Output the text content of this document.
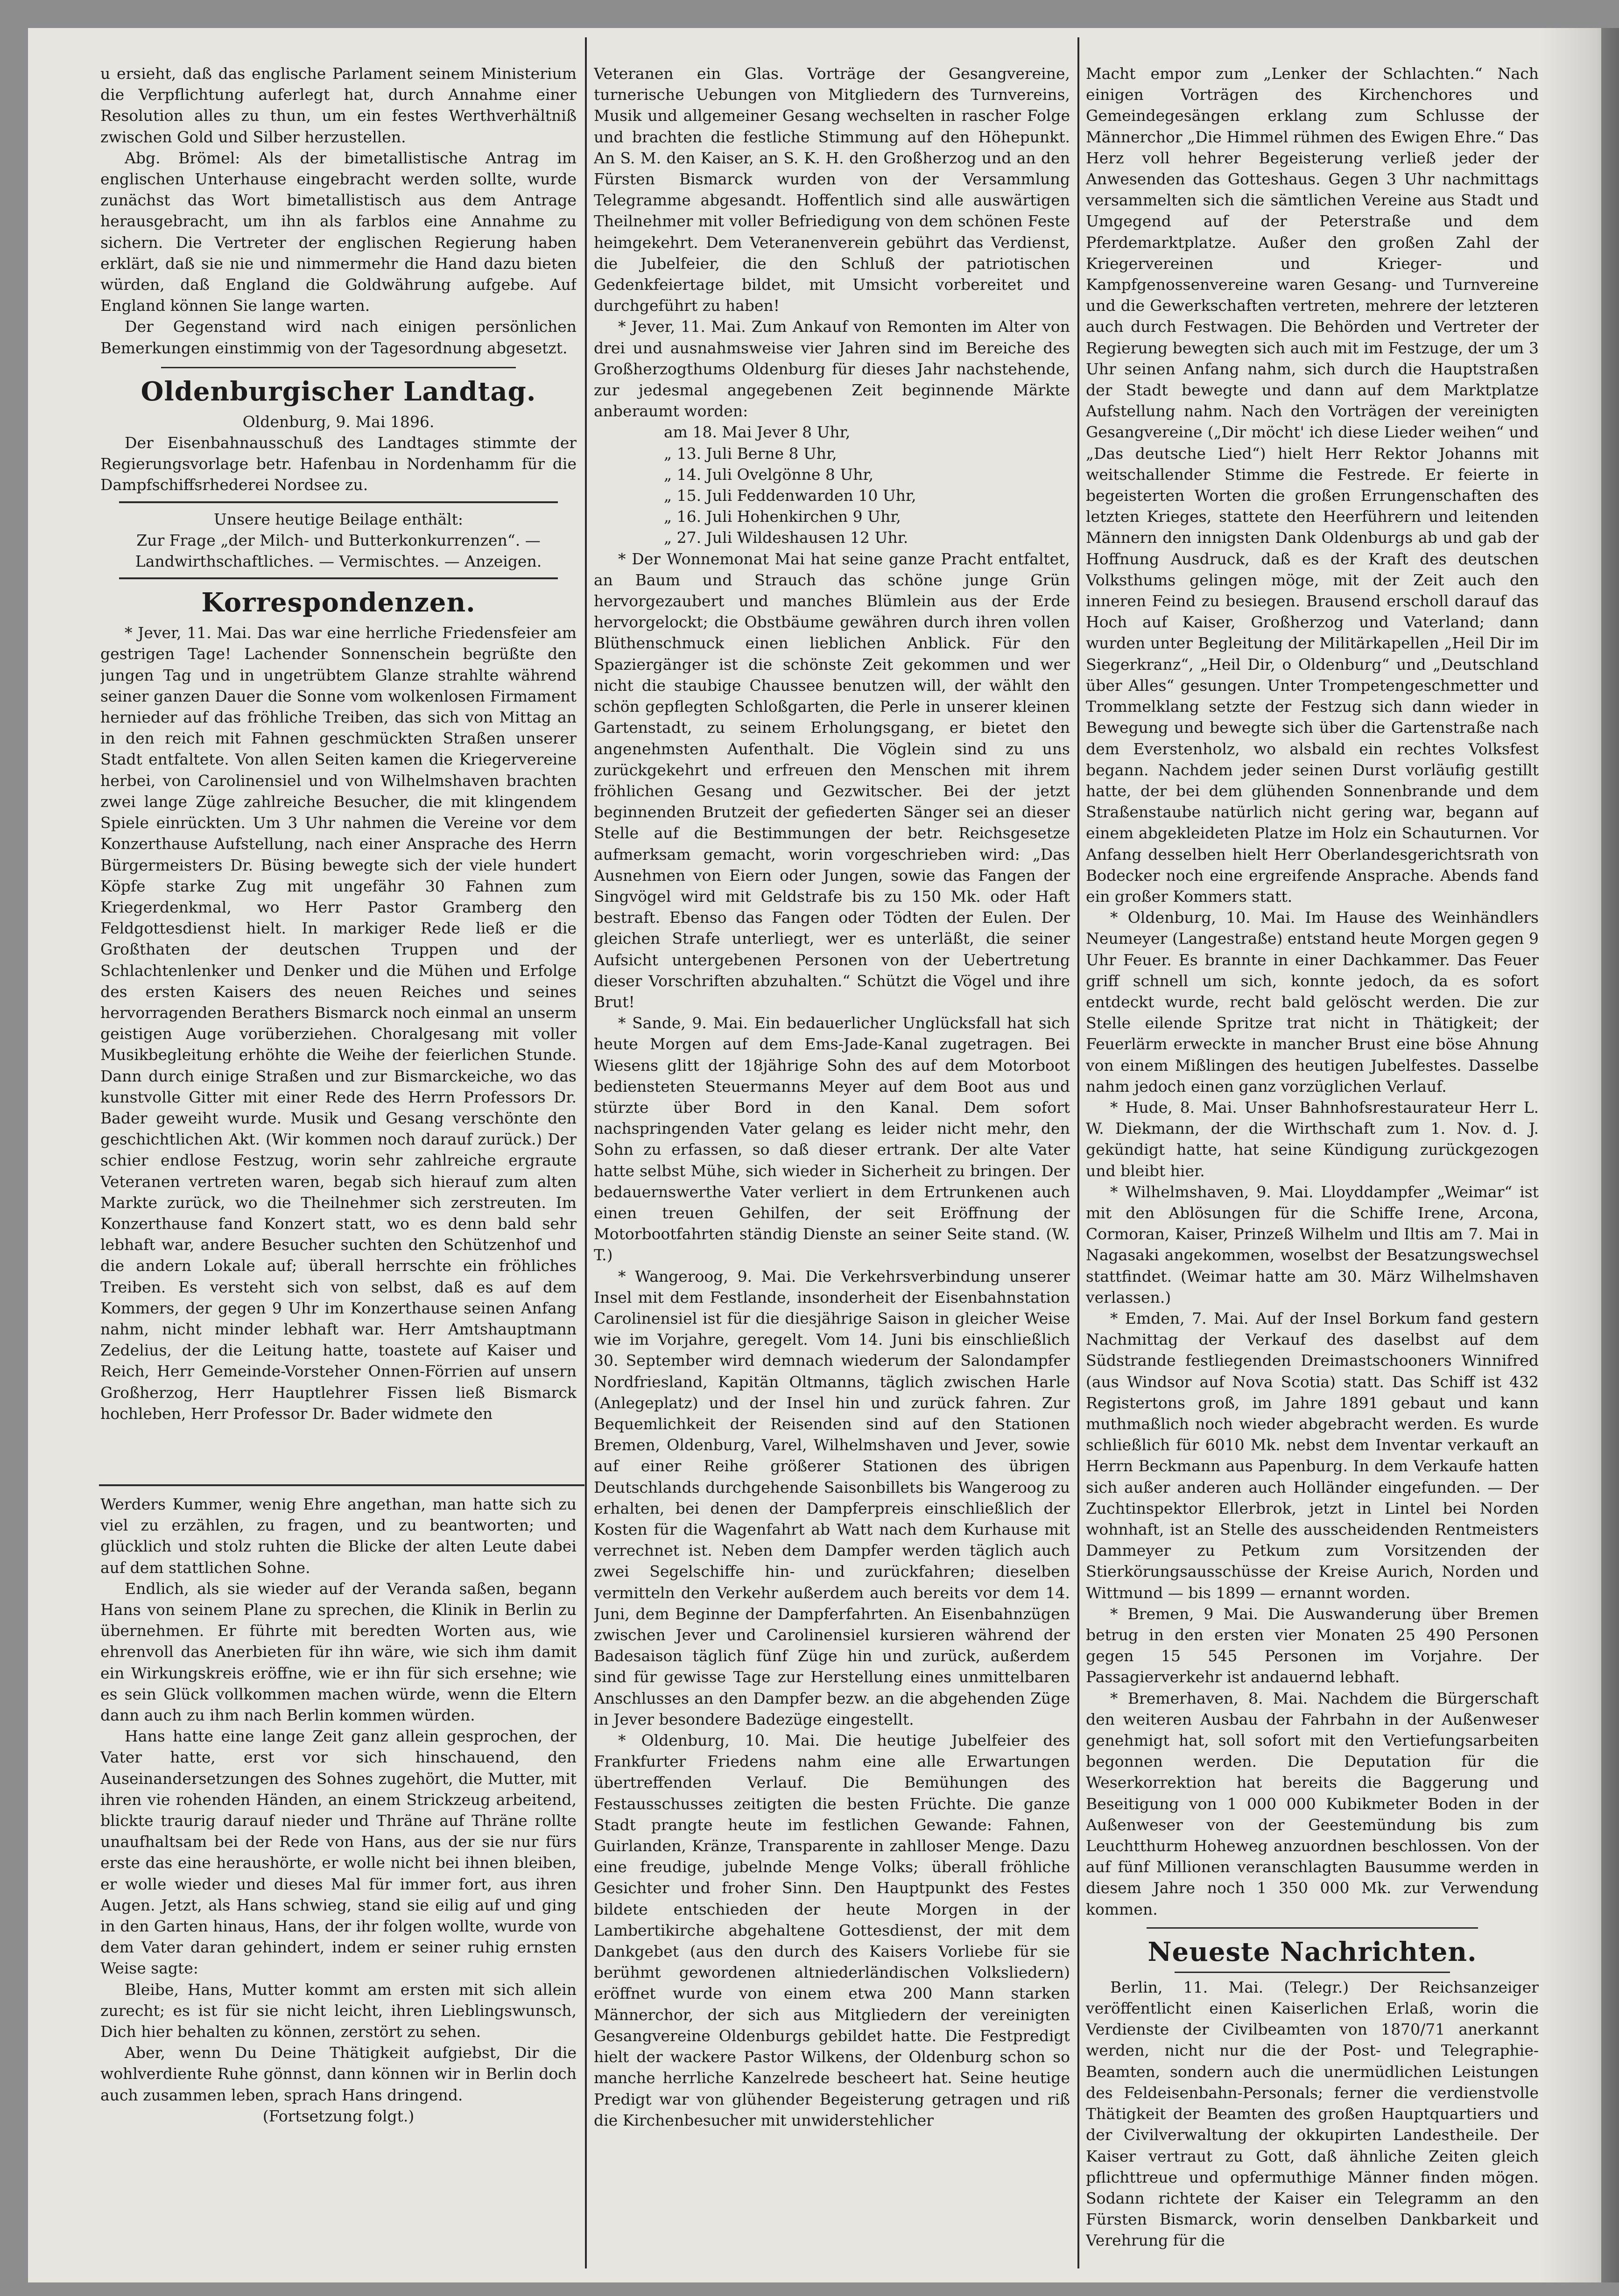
u ersieht, daß das englische Parlament seinem Ministerium die Verpflichtung auferlegt hat, durch Annahme einer Resolution alles zu thun, um ein festes Werthverhältniß zwischen Gold und Silber herzustellen.

Abg. Brömel: Als der bimetallistische Antrag im englischen Unterhause eingebracht werden sollte, wurde zunächst das Wort bimetallistisch aus dem Antrage herausgebracht, um ihn als farblos eine Annahme zu sichern. Die Vertreter der englischen Regierung haben erklärt, daß sie nie und nimmermehr die Hand dazu bieten würden, daß England die Goldwährung aufgebe. Auf England können Sie lange warten.

Der Gegenstand wird nach einigen persönlichen Bemerkungen einstimmig von der Tagesordnung abgesetzt.

Oldenburgischer Landtag.
Oldenburg, 9. Mai 1896.

Der Eisenbahnausschuß des Landtages stimmte der Regierungsvorlage betr. Hafenbau in Nordenhamm für die Dampfschiffsrhederei Nordsee zu.

Unsere heutige Beilage enthält:
Zur Frage „der Milch- und Butterkonkurrenzen“. — Landwirthschaftliches. — Vermischtes. — Anzeigen.
Korrespondenzen.

* Jever, 11. Mai. Das war eine herrliche Friedensfeier am gestrigen Tage! Lachender Sonnenschein begrüßte den jungen Tag und in ungetrübtem Glanze strahlte während seiner ganzen Dauer die Sonne vom wolkenlosen Firmament hernieder auf das fröhliche Treiben, das sich von Mittag an in den reich mit Fahnen geschmückten Straßen unserer Stadt entfaltete. Von allen Seiten kamen die Kriegervereine herbei, von Carolinensiel und von Wilhelmshaven brachten zwei lange Züge zahlreiche Besucher, die mit klingendem Spiele einrückten. Um 3 Uhr nahmen die Vereine vor dem Konzerthause Aufstellung, nach einer Ansprache des Herrn Bürgermeisters Dr. Büsing bewegte sich der viele hundert Köpfe starke Zug mit ungefähr 30 Fahnen zum Kriegerdenkmal, wo Herr Pastor Gramberg den Feldgottesdienst hielt. In markiger Rede ließ er die Großthaten der deutschen Truppen und der Schlachtenlenker und Denker und die Mühen und Erfolge des ersten Kaisers des neuen Reiches und seines hervorragenden Berathers Bismarck noch einmal an unserm geistigen Auge vorüberziehen. Choralgesang mit voller Musikbegleitung erhöhte die Weihe der feierlichen Stunde. Dann durch einige Straßen und zur Bismarckeiche, wo das kunstvolle Gitter mit einer Rede des Herrn Professors Dr. Bader geweiht wurde. Musik und Gesang verschönte den geschichtlichen Akt. (Wir kommen noch darauf zurück.) Der schier endlose Festzug, worin sehr zahlreiche ergraute Veteranen vertreten waren, begab sich hierauf zum alten Markte zurück, wo die Theilnehmer sich zerstreuten. Im Konzerthause fand Konzert statt, wo es denn bald sehr lebhaft war, andere Besucher suchten den Schützenhof und die andern Lokale auf; überall herrschte ein fröhliches Treiben. Es versteht sich von selbst, daß es auf dem Kommers, der gegen 9 Uhr im Konzerthause seinen Anfang nahm, nicht minder lebhaft war. Herr Amtshauptmann Zedelius, der die Leitung hatte, toastete auf Kaiser und Reich, Herr Gemeinde-Vorsteher Onnen-Förrien auf unsern Großherzog, Herr Hauptlehrer Fissen ließ Bismarck hochleben, Herr Professor Dr. Bader widmete den

Werders Kummer, wenig Ehre angethan, man hatte sich zu viel zu erzählen, zu fragen, und zu beantworten; und glücklich und stolz ruhten die Blicke der alten Leute dabei auf dem stattlichen Sohne.

Endlich, als sie wieder auf der Veranda saßen, begann Hans von seinem Plane zu sprechen, die Klinik in Berlin zu übernehmen. Er führte mit beredten Worten aus, wie ehrenvoll das Anerbieten für ihn wäre, wie sich ihm damit ein Wirkungskreis eröffne, wie er ihn für sich ersehne; wie es sein Glück vollkommen machen würde, wenn die Eltern dann auch zu ihm nach Berlin kommen würden.

Hans hatte eine lange Zeit ganz allein gesprochen, der Vater hatte, erst vor sich hinschauend, den Auseinandersetzungen des Sohnes zugehört, die Mutter, mit ihren vie rohenden Händen, an einem Strickzeug arbeitend, blickte traurig darauf nieder und Thräne auf Thräne rollte unaufhaltsam bei der Rede von Hans, aus der sie nur fürs erste das eine heraushörte, er wolle nicht bei ihnen bleiben, er wolle wieder und dieses Mal für immer fort, aus ihren Augen. Jetzt, als Hans schwieg, stand sie eilig auf und ging in den Garten hinaus, Hans, der ihr folgen wollte, wurde von dem Vater daran gehindert, indem er seiner ruhig ernsten Weise sagte:

Bleibe, Hans, Mutter kommt am ersten mit sich allein zurecht; es ist für sie nicht leicht, ihren Lieblingswunsch, Dich hier behalten zu können, zerstört zu sehen.

Aber, wenn Du Deine Thätigkeit aufgiebst, Dir die wohlverdiente Ruhe gönnst, dann können wir in Berlin doch auch zusammen leben, sprach Hans dringend.

(Fortsetzung folgt.)

Veteranen ein Glas. Vorträge der Gesangvereine, turnerische Uebungen von Mitgliedern des Turnvereins, Musik und allgemeiner Gesang wechselten in rascher Folge und brachten die festliche Stimmung auf den Höhepunkt. An S. M. den Kaiser, an S. K. H. den Großherzog und an den Fürsten Bismarck wurden von der Versammlung Telegramme abgesandt. Hoffentlich sind alle auswärtigen Theilnehmer mit voller Befriedigung von dem schönen Feste heimgekehrt. Dem Veteranenverein gebührt das Verdienst, die Jubelfeier, die den Schluß der patriotischen Gedenkfeiertage bildet, mit Umsicht vorbereitet und durchgeführt zu haben!

* Jever, 11. Mai. Zum Ankauf von Remonten im Alter von drei und ausnahmsweise vier Jahren sind im Bereiche des Großherzogthums Oldenburg für dieses Jahr nachstehende, zur jedesmal angegebenen Zeit beginnende Märkte anberaumt worden:

am 18. Mai Jever 8 Uhr,
„ 13. Juli Berne 8 Uhr,
„ 14. Juli Ovelgönne 8 Uhr,
„ 15. Juli Feddenwarden 10 Uhr,
„ 16. Juli Hohenkirchen 9 Uhr,
„ 27. Juli Wildeshausen 12 Uhr.

* Der Wonnemonat Mai hat seine ganze Pracht entfaltet, an Baum und Strauch das schöne junge Grün hervorgezaubert und manches Blümlein aus der Erde hervorgelockt; die Obstbäume gewähren durch ihren vollen Blüthenschmuck einen lieblichen Anblick. Für den Spaziergänger ist die schönste Zeit gekommen und wer nicht die staubige Chaussee benutzen will, der wählt den schön gepflegten Schloßgarten, die Perle in unserer kleinen Gartenstadt, zu seinem Erholungsgang, er bietet den angenehmsten Aufenthalt. Die Vöglein sind zu uns zurückgekehrt und erfreuen den Menschen mit ihrem fröhlichen Gesang und Gezwitscher. Bei der jetzt beginnenden Brutzeit der gefiederten Sänger sei an dieser Stelle auf die Bestimmungen der betr. Reichsgesetze aufmerksam gemacht, worin vorgeschrieben wird: „Das Ausnehmen von Eiern oder Jungen, sowie das Fangen der Singvögel wird mit Geldstrafe bis zu 150 Mk. oder Haft bestraft. Ebenso das Fangen oder Tödten der Eulen. Der gleichen Strafe unterliegt, wer es unterläßt, die seiner Aufsicht untergebenen Personen von der Uebertretung dieser Vorschriften abzuhalten.“ Schützt die Vögel und ihre Brut!

* Sande, 9. Mai. Ein bedauerlicher Unglücksfall hat sich heute Morgen auf dem Ems-Jade-Kanal zugetragen. Bei Wiesens glitt der 18jährige Sohn des auf dem Motorboot bediensteten Steuermanns Meyer auf dem Boot aus und stürzte über Bord in den Kanal. Dem sofort nachspringenden Vater gelang es leider nicht mehr, den Sohn zu erfassen, so daß dieser ertrank. Der alte Vater hatte selbst Mühe, sich wieder in Sicherheit zu bringen. Der bedauernswerthe Vater verliert in dem Ertrunkenen auch einen treuen Gehilfen, der seit Eröffnung der Motorbootfahrten ständig Dienste an seiner Seite stand. (W. T.)

* Wangeroog, 9. Mai. Die Verkehrsverbindung unserer Insel mit dem Festlande, insonderheit der Eisenbahnstation Carolinensiel ist für die diesjährige Saison in gleicher Weise wie im Vorjahre, geregelt. Vom 14. Juni bis einschließlich 30. September wird demnach wiederum der Salondampfer Nordfriesland, Kapitän Oltmanns, täglich zwischen Harle (Anlegeplatz) und der Insel hin und zurück fahren. Zur Bequemlichkeit der Reisenden sind auf den Stationen Bremen, Oldenburg, Varel, Wilhelmshaven und Jever, sowie auf einer Reihe größerer Stationen des übrigen Deutschlands durchgehende Saisonbillets bis Wangeroog zu erhalten, bei denen der Dampferpreis einschließlich der Kosten für die Wagenfahrt ab Watt nach dem Kurhause mit verrechnet ist. Neben dem Dampfer werden täglich auch zwei Segelschiffe hin- und zurückfahren; dieselben vermitteln den Verkehr außerdem auch bereits vor dem 14. Juni, dem Beginne der Dampferfahrten. An Eisenbahnzügen zwischen Jever und Carolinensiel kursieren während der Badesaison täglich fünf Züge hin und zurück, außerdem sind für gewisse Tage zur Herstellung eines unmittelbaren Anschlusses an den Dampfer bezw. an die abgehenden Züge in Jever besondere Badezüge eingestellt.

* Oldenburg, 10. Mai. Die heutige Jubelfeier des Frankfurter Friedens nahm eine alle Erwartungen übertreffenden Verlauf. Die Bemühungen des Festausschusses zeitigten die besten Früchte. Die ganze Stadt prangte heute im festlichen Gewande: Fahnen, Guirlanden, Kränze, Transparente in zahlloser Menge. Dazu eine freudige, jubelnde Menge Volks; überall fröhliche Gesichter und froher Sinn. Den Hauptpunkt des Festes bildete entschieden der heute Morgen in der Lambertikirche abgehaltene Gottesdienst, der mit dem Dankgebet (aus den durch des Kaisers Vorliebe für sie berühmt gewordenen altniederländischen Volksliedern) eröffnet wurde von einem etwa 200 Mann starken Männerchor, der sich aus Mitgliedern der vereinigten Gesangvereine Oldenburgs gebildet hatte. Die Festpredigt hielt der wackere Pastor Wilkens, der Oldenburg schon so manche herrliche Kanzelrede bescheert hat. Seine heutige Predigt war von glühender Begeisterung getragen und riß die Kirchenbesucher mit unwiderstehlicher

Macht empor zum „Lenker der Schlachten.“ Nach einigen Vorträgen des Kirchenchores und Gemeindegesängen erklang zum Schlusse der Männerchor „Die Himmel rühmen des Ewigen Ehre.“ Das Herz voll hehrer Begeisterung verließ jeder der Anwesenden das Gotteshaus. Gegen 3 Uhr nachmittags versammelten sich die sämtlichen Vereine aus Stadt und Umgegend auf der Peterstraße und dem Pferdemarktplatze. Außer den großen Zahl der Kriegervereinen und Krieger- und Kampfgenossenvereine waren Gesang- und Turnvereine und die Gewerkschaften vertreten, mehrere der letzteren auch durch Festwagen. Die Behörden und Vertreter der Regierung bewegten sich auch mit im Festzuge, der um 3 Uhr seinen Anfang nahm, sich durch die Hauptstraßen der Stadt bewegte und dann auf dem Marktplatze Aufstellung nahm. Nach den Vorträgen der vereinigten Gesangvereine („Dir möcht' ich diese Lieder weihen“ und „Das deutsche Lied“) hielt Herr Rektor Johanns mit weitschallender Stimme die Festrede. Er feierte in begeisterten Worten die großen Errungenschaften des letzten Krieges, stattete den Heerführern und leitenden Männern den innigsten Dank Oldenburgs ab und gab der Hoffnung Ausdruck, daß es der Kraft des deutschen Volksthums gelingen möge, mit der Zeit auch den inneren Feind zu besiegen. Brausend erscholl darauf das Hoch auf Kaiser, Großherzog und Vaterland; dann wurden unter Begleitung der Militärkapellen „Heil Dir im Siegerkranz“, „Heil Dir, o Oldenburg“ und „Deutschland über Alles“ gesungen. Unter Trompetengeschmetter und Trommelklang setzte der Festzug sich dann wieder in Bewegung und bewegte sich über die Gartenstraße nach dem Everstenholz, wo alsbald ein rechtes Volksfest begann. Nachdem jeder seinen Durst vorläufig gestillt hatte, der bei dem glühenden Sonnenbrande und dem Straßenstaube natürlich nicht gering war, begann auf einem abgekleideten Platze im Holz ein Schauturnen. Vor Anfang desselben hielt Herr Oberlandesgerichtsrath von Bodecker noch eine ergreifende Ansprache. Abends fand ein großer Kommers statt.

* Oldenburg, 10. Mai. Im Hause des Weinhändlers Neumeyer (Langestraße) entstand heute Morgen gegen 9 Uhr Feuer. Es brannte in einer Dachkammer. Das Feuer griff schnell um sich, konnte jedoch, da es sofort entdeckt wurde, recht bald gelöscht werden. Die zur Stelle eilende Spritze trat nicht in Thätigkeit; der Feuerlärm erweckte in mancher Brust eine böse Ahnung von einem Mißlingen des heutigen Jubelfestes. Dasselbe nahm jedoch einen ganz vorzüglichen Verlauf.

* Hude, 8. Mai. Unser Bahnhofsrestaurateur Herr L. W. Diekmann, der die Wirthschaft zum 1. Nov. d. J. gekündigt hatte, hat seine Kündigung zurückgezogen und bleibt hier.

* Wilhelmshaven, 9. Mai. Lloyddampfer „Weimar“ ist mit den Ablösungen für die Schiffe Irene, Arcona, Cormoran, Kaiser, Prinzeß Wilhelm und Iltis am 7. Mai in Nagasaki angekommen, woselbst der Besatzungswechsel stattfindet. (Weimar hatte am 30. März Wilhelmshaven verlassen.)

* Emden, 7. Mai. Auf der Insel Borkum fand gestern Nachmittag der Verkauf des daselbst auf dem Südstrande festliegenden Dreimastschooners Winnifred (aus Windsor auf Nova Scotia) statt. Das Schiff ist 432 Registertons groß, im Jahre 1891 gebaut und kann muthmaßlich noch wieder abgebracht werden. Es wurde schließlich für 6010 Mk. nebst dem Inventar verkauft an Herrn Beckmann aus Papenburg. In dem Verkaufe hatten sich außer anderen auch Holländer eingefunden. — Der Zuchtinspektor Ellerbrok, jetzt in Lintel bei Norden wohnhaft, ist an Stelle des ausscheidenden Rentmeisters Dammeyer zu Petkum zum Vorsitzenden der Stierkörungsausschüsse der Kreise Aurich, Norden und Wittmund — bis 1899 — ernannt worden.

* Bremen, 9 Mai. Die Auswanderung über Bremen betrug in den ersten vier Monaten 25 490 Personen gegen 15 545 Personen im Vorjahre. Der Passagierverkehr ist andauernd lebhaft.

* Bremerhaven, 8. Mai. Nachdem die Bürgerschaft den weiteren Ausbau der Fahrbahn in der Außenweser genehmigt hat, soll sofort mit den Vertiefungsarbeiten begonnen werden. Die Deputation für die Weserkorrektion hat bereits die Baggerung und Beseitigung von 1 000 000 Kubikmeter Boden in der Außenweser von der Geestemündung bis zum Leuchtthurm Hoheweg anzuordnen beschlossen. Von der auf fünf Millionen veranschlagten Bausumme werden in diesem Jahre noch 1 350 000 Mk. zur Verwendung kommen.

Neueste Nachrichten.

Berlin, 11. Mai. (Telegr.) Der Reichsanzeiger veröffentlicht einen Kaiserlichen Erlaß, worin die Verdienste der Civilbeamten von 1870/71 anerkannt werden, nicht nur die der Post- und Telegraphie-Beamten, sondern auch die unermüdlichen Leistungen des Feldeisenbahn-Personals; ferner die verdienstvolle Thätigkeit der Beamten des großen Hauptquartiers und der Civilverwaltung der okkupirten Landestheile. Der Kaiser vertraut zu Gott, daß ähnliche Zeiten gleich pflichttreue und opfermuthige Männer finden mögen. Sodann richtete der Kaiser ein Telegramm an den Fürsten Bismarck, worin denselben Dankbarkeit und Verehrung für die
